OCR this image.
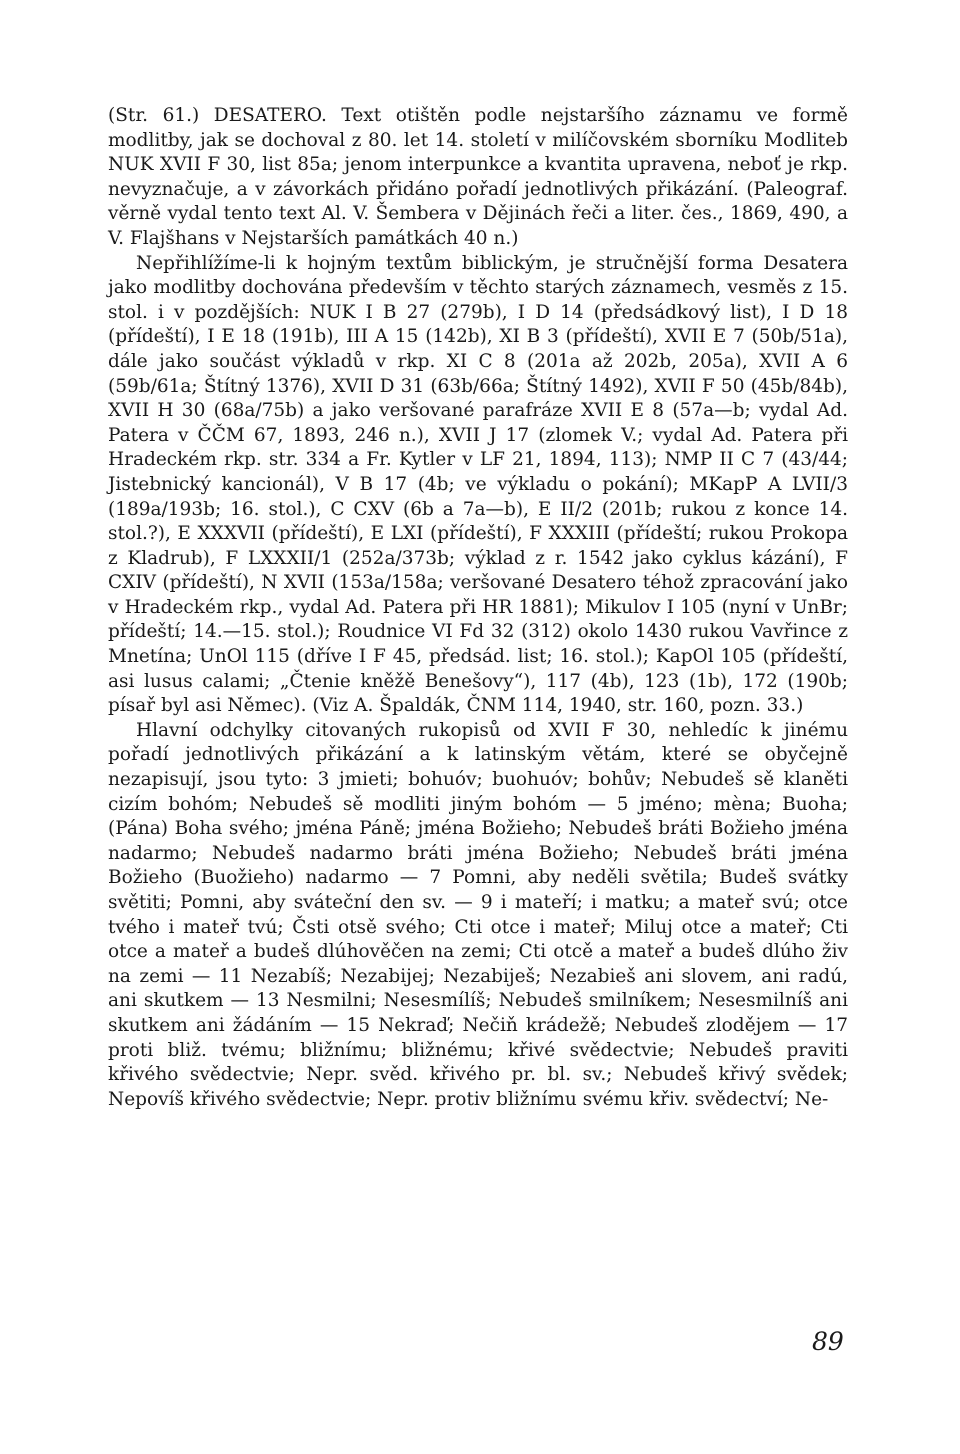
(Str. 61.) DESATERO. Text otištěn podle nejstaršího záznamu ve formě modlitby, jak se dochoval z 80. let 14. století v milíčovském sborníku Modliteb NUK XVII F 30, list 85a; jenom interpunkce a kvantita upravena, neboť je rkp. nevyznačuje, a v závorkách přidáno pořadí jednotlivých přikázání. (Paleograf. věrně vydal tento text Al. V. Šembera v Dějinách řeči a liter. čes., 1869, 490, a V. Flajšhans v Nejstarších památkách 40 n.)

Nepřihlížíme-li k hojným textům biblickým, je stručnější forma Desatera jako modlitby dochována především v těchto starých záznamech, vesměs z 15. stol. i v pozdějších: NUK I B 27 (279b), I D 14 (předsádkový list), I D 18 (přídeští), I E 18 (191b), III A 15 (142b), XI B 3 (přídeští), XVII E 7 (50b/51a), dále jako součást výkladů v rkp. XI C 8 (201a až 202b, 205a), XVII A 6 (59b/61a; Štítný 1376), XVII D 31 (63b/66a; Štítný 1492), XVII F 50 (45b/84b), XVII H 30 (68a/75b) a jako veršované parafráze XVII E 8 (57a—b; vydal Ad. Patera v ČČM 67, 1893, 246 n.), XVII J 17 (zlomek V.; vydal Ad. Patera při Hradeckém rkp. str. 334 a Fr. Kytler v LF 21, 1894, 113); NMP II C 7 (43/44; Jistebnický kancionál), V B 17 (4b; ve výkladu o pokání); MKapP A LVII/3 (189a/193b; 16. stol.), C CXV (6b a 7a—b), E II/2 (201b; rukou z konce 14. stol.?), E XXXVII (přídeští), E LXI (přídeští), F XXXIII (přídeští; rukou Prokopa z Kladrub), F LXXXII/1 (252a/373b; výklad z r. 1542 jako cyklus kázání), F CXIV (přídeští), N XVII (153a/158a; veršované Desatero téhož zpracování jako v Hradeckém rkp., vydal Ad. Patera při HR 1881); Mikulov I 105 (nyní v UnBr; přídeští; 14.—15. stol.); Roudnice VI Fd 32 (312) okolo 1430 rukou Vavřince z Mnetína; UnOl 115 (dříve I F 45, předsád. list; 16. stol.); KapOl 105 (přídeští, asi lusus calami; „Čtenie kněžě Benešovy“), 117 (4b), 123 (1b), 172 (190b; písař byl asi Němec). (Viz A. Špaldák, ČNM 114, 1940, str. 160, pozn. 33.)

Hlavní odchylky citovaných rukopisů od XVII F 30, nehledíc k jinému pořadí jednotlivých přikázání a k latinským větám, které se obyčejně nezapisují, jsou tyto: 3 jmieti; bohuóv; buohuóv; bohův; Nebudeš sě klaněti cizím bohóm; Nebudeš sě modliti jiným bohóm — 5 jméno; mèna; Buoha; (Pána) Boha svého; jména Páně; jména Božieho; Nebudeš bráti Božieho jména nadarmo; Nebudeš nadarmo bráti jména Božieho; Nebudeš bráti jména Božieho (Buožieho) nadarmo — 7 Pomni, aby neděli světila; Budeš svátky světiti; Pomni, aby sváteční den sv. — 9 i mateří; i matku; a mateř svú; otce tvého i mateř tvú; Čsti otsě svého; Cti otce i mateř; Miluj otce a mateř; Cti otce a mateř a budeš dlúhověčen na zemi; Cti otcě a mateř a budeš dlúho živ na zemi — 11 Nezabíš; Nezabijej; Nezabiješ; Nezabieš ani slovem, ani radú, ani skutkem — 13 Nesmilni; Nesesmílíš; Nebudeš smilníkem; Nesesmilníš ani skutkem ani žádáním — 15 Nekraď; Nečiň krádežě; Nebudeš zlodějem — 17 proti bliž. tvému; bližnímu; bližnému; křivé svědectvie; Nebudeš praviti křivého svědectvie; Nepr. svěd. křivého pr. bl. sv.; Nebudeš křivý svědek; Nepovíš křivého svědectvie; Nepr. protiv bližnímu svému křiv. svědectví; Ne-

89
